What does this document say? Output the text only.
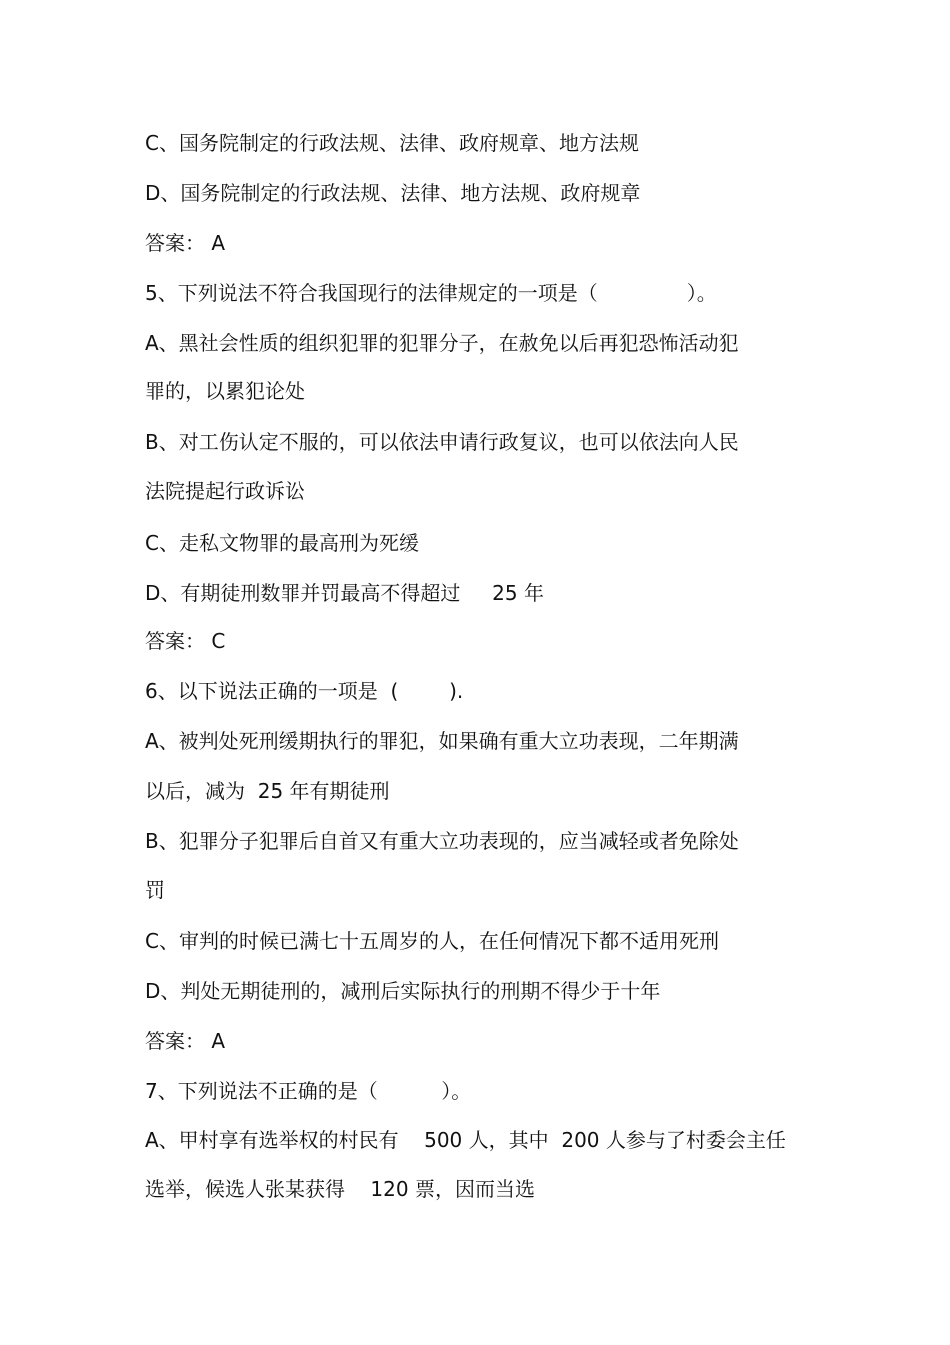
C、国务院制定的行政法规、法律、政府规章、地方法规
D、国务院制定的行政法规、法律、地方法规、政府规章
答案： A
5、下列说法不符合我国现行的法律规定的一项是（              ）。
A、黑社会性质的组织犯罪的犯罪分子，在赦免以后再犯恐怖活动犯
罪的，以累犯论处
B、对工伤认定不服的，可以依法申请行政复议，也可以依法向人民
法院提起行政诉讼
C、走私文物罪的最高刑为死缓
D、有期徒刑数罪并罚最高不得超过     25 年
答案： C
6、以下说法正确的一项是  (        ).
A、被判处死刑缓期执行的罪犯，如果确有重大立功表现，二年期满
以后，减为  25 年有期徒刑
B、犯罪分子犯罪后自首又有重大立功表现的，应当减轻或者免除处
罚
C、审判的时候已满七十五周岁的人，在任何情况下都不适用死刑
D、判处无期徒刑的，减刑后实际执行的刑期不得少于十年
答案： A
7、下列说法不正确的是（          ）。
A、甲村享有选举权的村民有    500 人，其中  200 人参与了村委会主任
选举，候选人张某获得    120 票，因而当选
